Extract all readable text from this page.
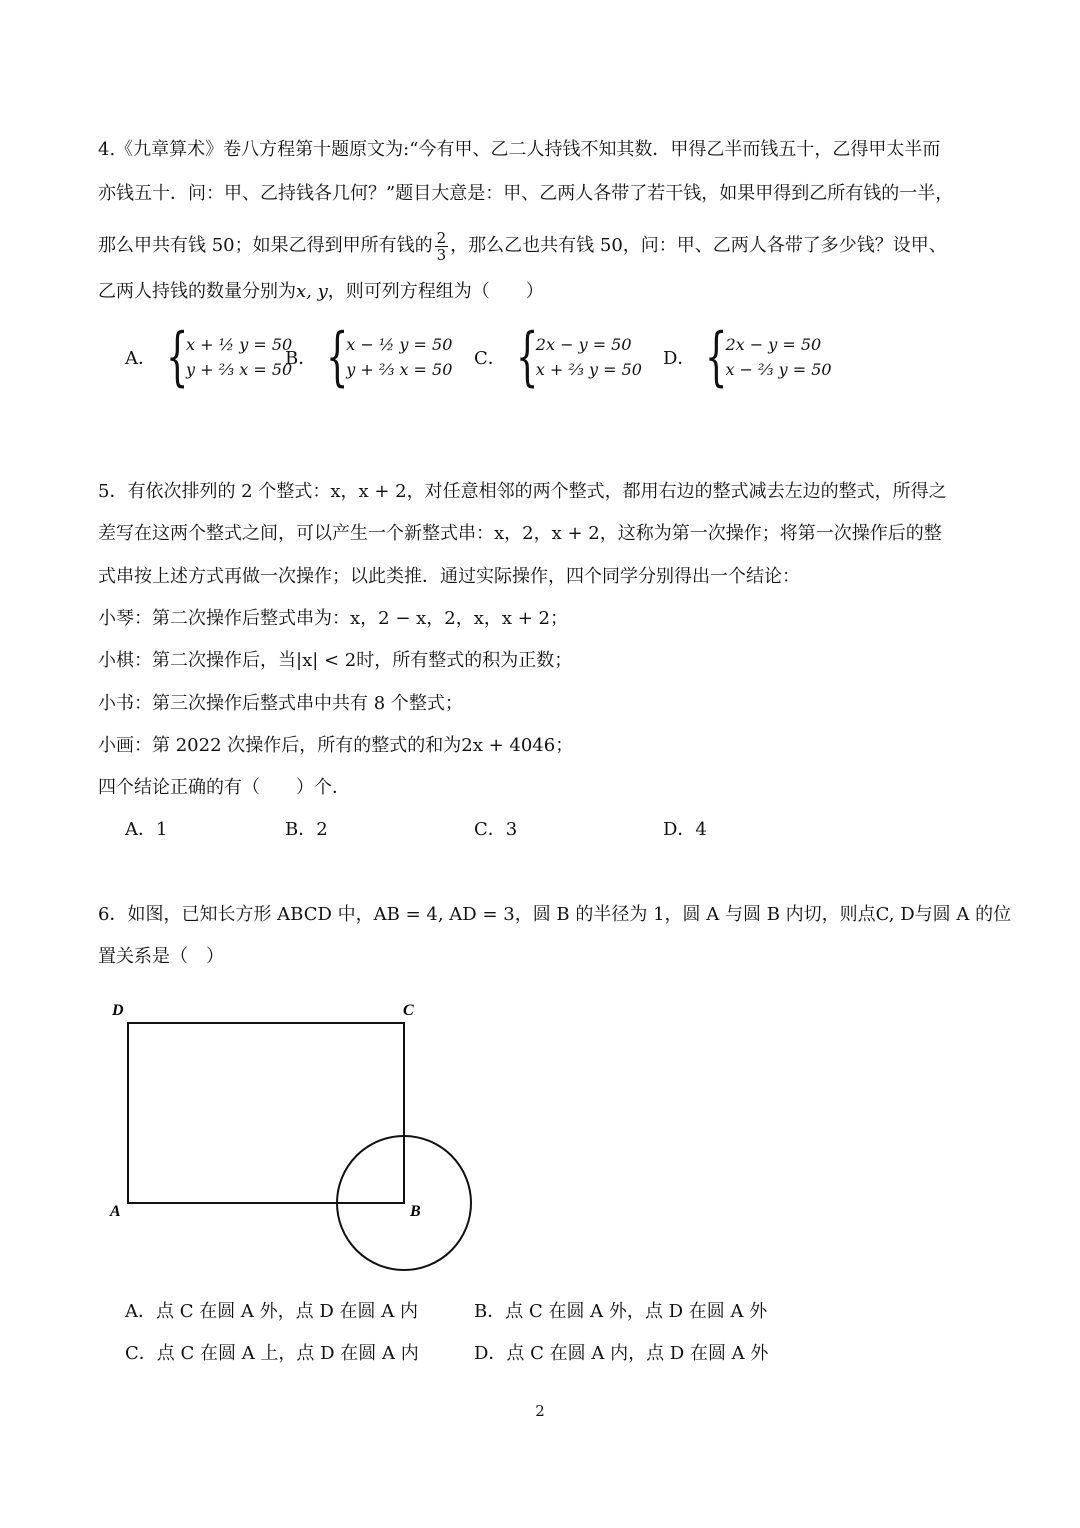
4.《九章算术》卷八方程第十题原文为:“今有甲、乙二人持钱不知其数．甲得乙半而钱五十，乙得甲太半而
亦钱五十．问：甲、乙持钱各几何？”题目大意是：甲、乙两人各带了若干钱，如果甲得到乙所有钱的一半，
那么甲共有钱 50；如果乙得到甲所有钱的 $\frac{2}{3}$ ，那么乙也共有钱 50，问：甲、乙两人各带了多少钱？设甲、
乙两人持钱的数量分别为x, y，则可列方程组为（　　）
A． {
x + ½ y = 50
y + ⅔ x = 50
B． {
x − ½ y = 50
y + ⅔ x = 50
C． {
2x − y = 50
x + ⅔ y = 50
D． {
2x − y = 50
x − ⅔ y = 50
5．有依次排列的 2 个整式：x，x + 2，对任意相邻的两个整式，都用右边的整式减去左边的整式，所得之
差写在这两个整式之间，可以产生一个新整式串：x，2，x + 2，这称为第一次操作；将第一次操作后的整
式串按上述方式再做一次操作；以此类推．通过实际操作，四个同学分别得出一个结论：
小琴：第二次操作后整式串为：x，2 − x，2，x，x + 2；
小棋：第二次操作后，当|x| < 2时，所有整式的积为正数；
小书：第三次操作后整式串中共有 8 个整式；
小画：第 2022 次操作后，所有的整式的和为2x + 4046；
四个结论正确的有（　　）个．
A．1	B．2	C．3	D．4
6．如图，已知长方形 ABCD 中，AB = 4, AD = 3，圆 B 的半径为 1，圆 A 与圆 B 内切，则点C, D与圆 A 的位
置关系是（　）
D	C
A	B
A．点 C 在圆 A 外，点 D 在圆 A 内	B．点 C 在圆 A 外，点 D 在圆 A 外
C．点 C 在圆 A 上，点 D 在圆 A 内	D．点 C 在圆 A 内，点 D 在圆 A 外
2
